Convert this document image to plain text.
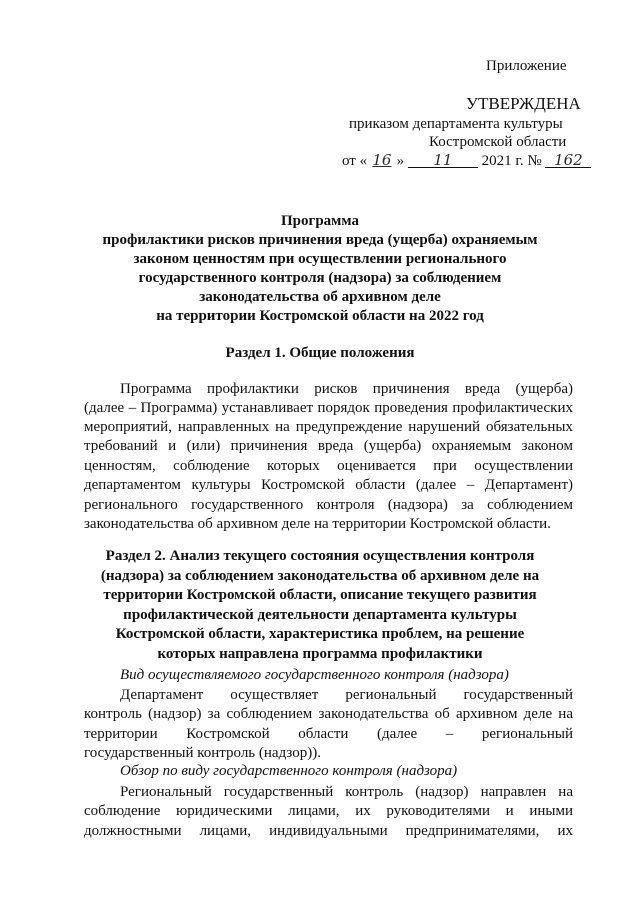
Приложение
УТВЕРЖДЕНА
приказом департамента культуры
Костромской области
от « 16 » 11 2021 г. № 162
Программа
профилактики рисков причинения вреда (ущерба) охраняемым
законом ценностям при осуществлении регионального
государственного контроля (надзора) за соблюдением
законодательства об архивном деле
на территории Костромской области на 2022 год
Раздел 1. Общие положения
Программа профилактики рисков причинения вреда (ущерба)
(далее – Программа) устанавливает порядок проведения профилактических
мероприятий, направленных на предупреждение нарушений обязательных
требований и (или) причинения вреда (ущерба) охраняемым законом
ценностям, соблюдение которых оценивается при осуществлении
департаментом культуры Костромской области (далее – Департамент)
регионального государственного контроля (надзора) за соблюдением
законодательства об архивном деле на территории Костромской области.
Раздел 2. Анализ текущего состояния осуществления контроля
(надзора) за соблюдением законодательства об архивном деле на
территории Костромской области, описание текущего развития
профилактической деятельности департамента культуры
Костромской области, характеристика проблем, на решение
которых направлена программа профилактики
Вид осуществляемого государственного контроля (надзора)
Департамент осуществляет региональный государственный
контроль (надзор) за соблюдением законодательства об архивном деле на
территории Костромской области (далее – региональный
государственный контроль (надзор)).
Обзор по виду государственного контроля (надзора)
Региональный государственный контроль (надзор) направлен на
соблюдение юридическими лицами, их руководителями и иными
должностными лицами, индивидуальными предпринимателями, их
